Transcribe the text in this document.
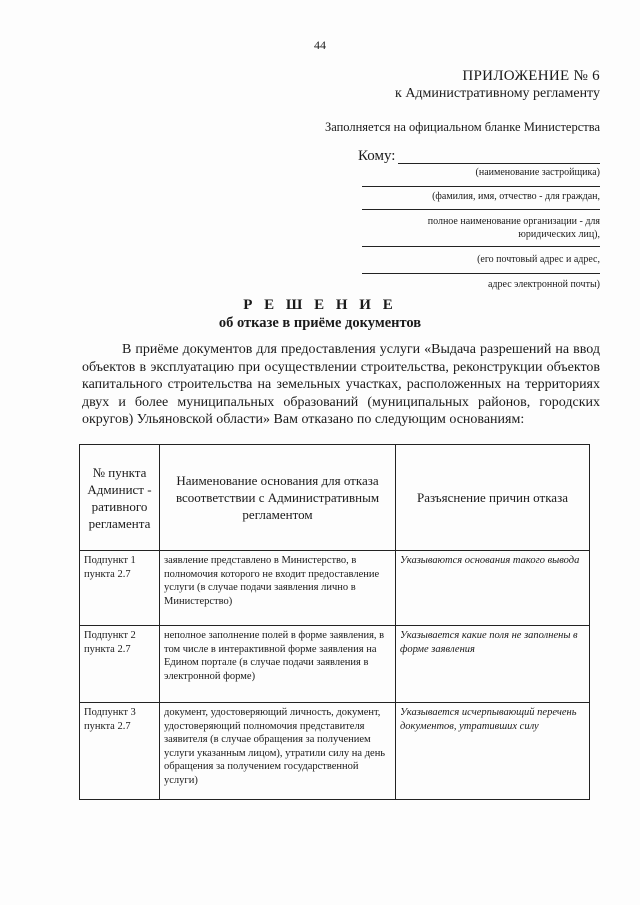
44
ПРИЛОЖЕНИЕ № 6
к Административному регламенту
Заполняется на официальном бланке Министерства
Кому:
(наименование застройщика)
(фамилия, имя, отчество - для граждан,
полное наименование организации - для
юридических лиц),
(его почтовый адрес и адрес,
адрес электронной почты)
Р Е Ш Е Н И Е
об отказе в приёме документов
В приёме документов для предоставления услуги «Выдача разрешений на ввод объектов в эксплуатацию при осуществлении строительства, реконструкции объектов капитального строительства на земельных участках, расположенных на территориях двух и более муниципальных образований (муниципальных районов, городских округов) Ульяновской области» Вам отказано по следующим основаниям:
№ пункта Админист - ративного регламента	Наименование основания для отказа всоответствии с Административным регламентом	Разъяснение причин отказа
Подпункт 1 пункта 2.7	заявление представлено в Министерство, в полномочия которого не входит предоставление услуги (в случае подачи заявления лично в Министерство)	Указываются основания такого вывода
Подпункт 2 пункта 2.7	неполное заполнение полей в форме заявления, в том числе в интерактивной форме заявления на Едином портале (в случае подачи заявления в электронной форме)	Указывается какие поля не заполнены в форме заявления
Подпункт 3 пункта 2.7	документ, удостоверяющий личность, документ, удостоверяющий полномочия представителя заявителя (в случае обращения за получением услуги указанным лицом), утратили силу на день обращения за получением государственной услуги)	Указывается исчерпывающий перечень документов, утративших силу
